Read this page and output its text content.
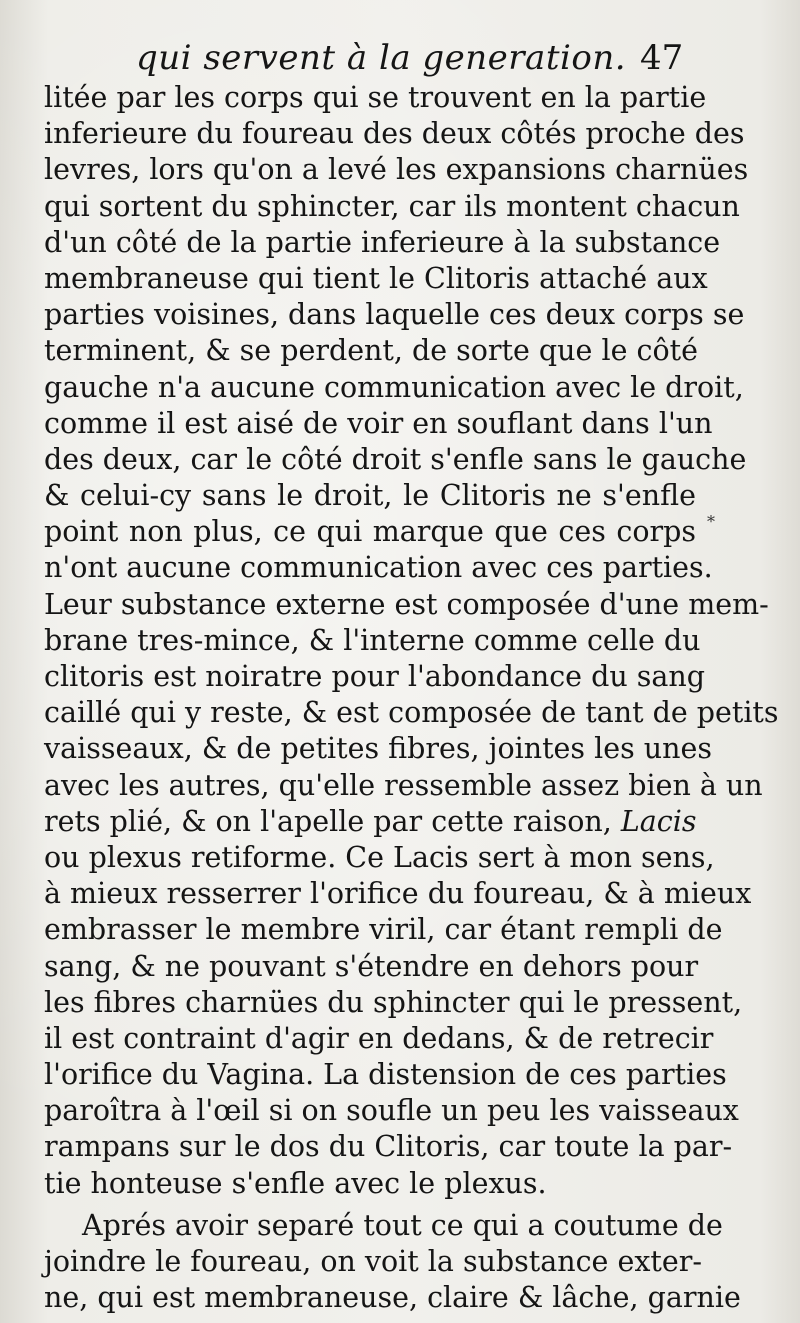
qui servent à la generation. 47
litée par les corps qui se trouvent en la partie
inferieure du foureau des deux côtés proche des
levres, lors qu'on a levé les expansions charnües
qui sortent du sphincter, car ils montent chacun
d'un côté de la partie inferieure à la substance
membraneuse qui tient le Clitoris attaché aux
parties voisines, dans laquelle ces deux corps se
terminent, & se perdent, de sorte que le côté
gauche n'a aucune communication avec le droit,
comme il est aisé de voir en souflant dans l'un
des deux, car le côté droit s'enfle sans le gauche
& celui-cy sans le droit, le Clitoris ne s'enfle
point non plus, ce qui marque que ces corps
n'ont aucune communication avec ces parties.
Leur substance externe est composée d'une mem-
brane tres-mince, & l'interne comme celle du
clitoris est noiratre pour l'abondance du sang
caillé qui y reste, & est composée de tant de petits
vaisseaux, & de petites fibres, jointes les unes
avec les autres, qu'elle ressemble assez bien à un
rets plié, & on l'apelle par cette raison, Lacis
ou plexus retiforme. Ce Lacis sert à mon sens,
à mieux resserrer l'orifice du foureau, & à mieux
embrasser le membre viril, car étant rempli de
sang, & ne pouvant s'étendre en dehors pour
les fibres charnües du sphincter qui le pressent,
il est contraint d'agir en dedans, & de retrecir
l'orifice du Vagina. La distension de ces parties
paroîtra à l'œil si on soufle un peu les vaisseaux
rampans sur le dos du Clitoris, car toute la par-
tie honteuse s'enfle avec le plexus.
Aprés avoir separé tout ce qui a coutume de
joindre le foureau, on voit la substance exter-
ne, qui est membraneuse, claire & lâche, garnie
*
